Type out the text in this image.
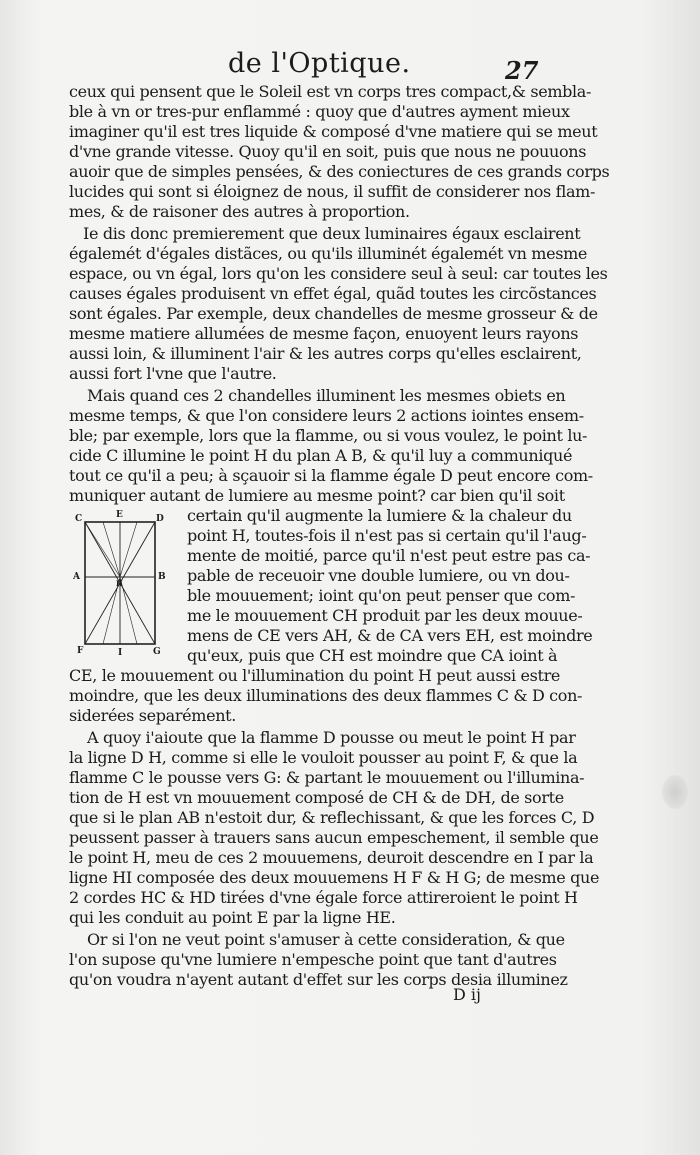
de l'Optique.	27
ceux qui pensent que le Soleil est vn corps tres compact,& sembla-
ble à vn or tres-pur enflammé : quoy que d'autres ayment mieux
imaginer qu'il est tres liquide & composé d'vne matiere qui se meut
d'vne grande vitesse. Quoy qu'il en soit, puis que nous ne pouuons
auoir que de simples pensées, & des coniectures de ces grands corps
lucides qui sont si éloignez de nous, il suffit de considerer nos flam-
mes, & de raisoner des autres à proportion.
Ie dis donc premierement que deux luminaires égaux esclairent
égalemét d'égales distãces, ou qu'ils illuminét égalemét vn mesme
espace, ou vn égal, lors qu'on les considere seul à seul: car toutes les
causes égales produisent vn effet égal, quãd toutes les circõstances
sont égales. Par exemple, deux chandelles de mesme grosseur & de
mesme matiere allumées de mesme façon, enuoyent leurs rayons
aussi loin, & illuminent l'air & les autres corps qu'elles esclairent,
aussi fort l'vne que l'autre.
Mais quand ces 2 chandelles illuminent les mesmes obiets en
mesme temps, & que l'on considere leurs 2 actions iointes ensem-
ble; par exemple, lors que la flamme, ou si vous voulez, le point lu-
cide C illumine le point H du plan A B, & qu'il luy a communiqué
tout ce qu'il a peu; à sçauoir si la flamme égale D peut encore com-
muniquer autant de lumiere au mesme point? car bien qu'il soit
certain qu'il augmente la lumiere & la chaleur du
point H, toutes-fois il n'est pas si certain qu'il l'aug-
mente de moitié, parce qu'il n'est peut estre pas ca-
pable de receuoir vne double lumiere, ou vn dou-
ble mouuement; ioint qu'on peut penser que com-
me le mouuement CH produit par les deux mouue-
mens de CE vers AH, & de CA vers EH, est moindre
qu'eux, puis que CH est moindre que CA ioint à
CE, le mouuement ou l'illumination du point H peut aussi estre
moindre, que les deux illuminations des deux flammes C & D con-
siderées separément.
A quoy i'aioute que la flamme D pousse ou meut le point H par
la ligne D H, comme si elle le vouloit pousser au point F, & que la
flamme C le pousse vers G: & partant le mouuement ou l'illumina-
tion de H est vn mouuement composé de CH & de DH, de sorte
que si le plan AB n'estoit dur, & reflechissant, & que les forces C, D
peussent passer à trauers sans aucun empeschement, il semble que
le point H, meu de ces 2 mouuemens, deuroit descendre en I par la
ligne HI composée des deux mouuemens H F & H G; de mesme que
2 cordes HC & HD tirées d'vne égale force attireroient le point H
qui les conduit au point E par la ligne HE.
Or si l'on ne veut point s'amuser à cette consideration, & que
l'on supose qu'vne lumiere n'empesche point que tant d'autres
qu'on voudra n'ayent autant d'effet sur les corps desia illuminez
C	E	D
A	B
H
F	I	G
D ij
